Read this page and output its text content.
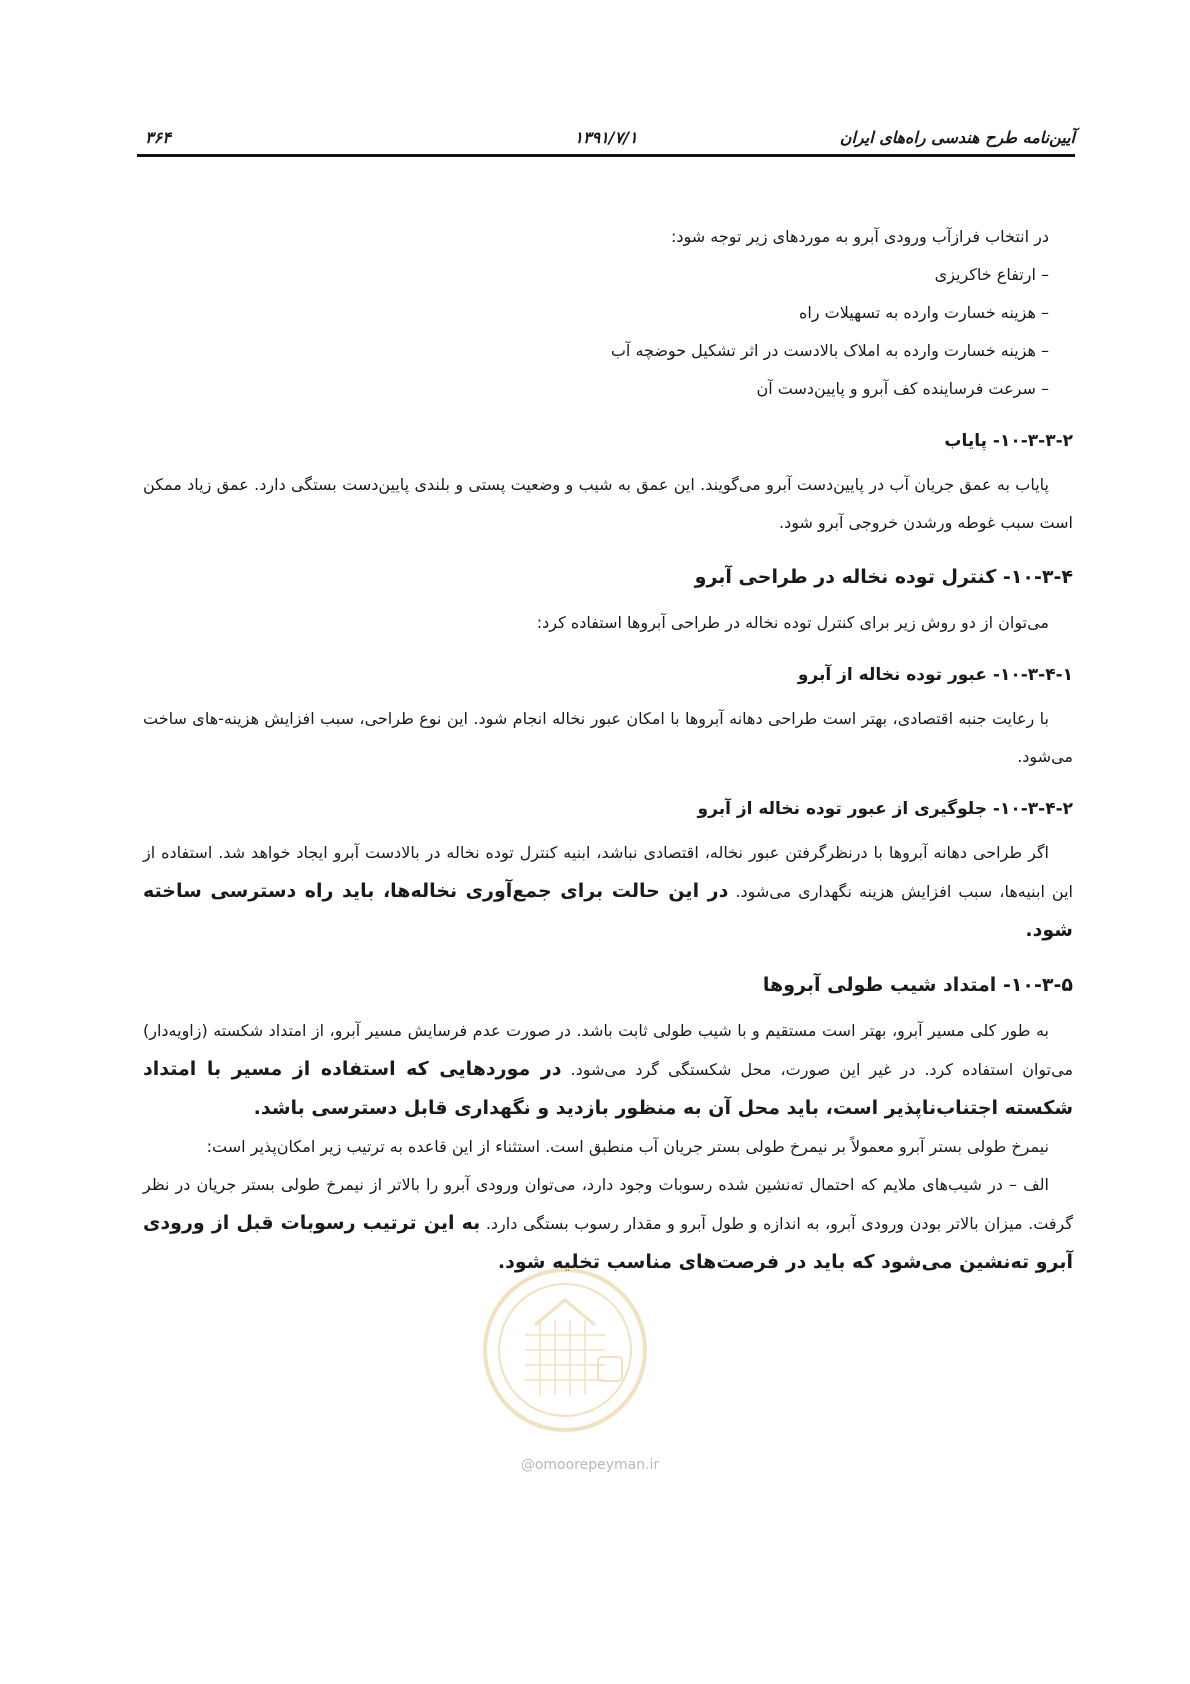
۳۶۴	۱۳۹۱/۷/۱	آیین‌نامه طرح هندسی راه‌های ایران

در انتخاب فرازآب ورودی آبرو به موردهای زیر توجه شود:

– ارتفاع خاکریزی
– هزینه خسارت وارده به تسهیلات راه
– هزینه خسارت وارده به املاک بالادست در اثر تشکیل حوضچه آب
– سرعت فرساینده کف آبرو و پایین‌دست آن
۱۰-۳-۳-۲- پایاب

پایاب به عمق جریان آب در پایین‌دست آبرو می‌گویند. این عمق به شیب و وضعیت پستی و بلندی پایین‌دست بستگی دارد. عمق زیاد ممکن است سبب غوطه ورشدن خروجی آبرو شود.

۱۰-۳-۴- کنترل توده نخاله در طراحی آبرو

می‌توان از دو روش زیر برای کنترل توده نخاله در طراحی آبروها استفاده کرد:

۱۰-۳-۴-۱- عبور توده نخاله از آبرو

با رعایت جنبه اقتصادی، بهتر است طراحی دهانه آبروها با امکان عبور نخاله انجام شود. این نوع طراحی، سبب افزایش هزینه-های ساخت می‌شود.

۱۰-۳-۴-۲- جلوگیری از عبور توده نخاله از آبرو

اگر طراحی دهانه آبروها با درنظرگرفتن عبور نخاله، اقتصادی نباشد، ابنیه کنترل توده نخاله در بالادست آبرو ایجاد خواهد شد. استفاده از این ابنیه‌ها، سبب افزایش هزینه نگهداری می‌شود. در این حالت برای جمع‌آوری نخاله‌ها، باید راه دسترسی ساخته شود.

۱۰-۳-۵- امتداد شیب طولی آبروها

به طور کلی مسیر آبرو، بهتر است مستقیم و با شیب طولی ثابت باشد. در صورت عدم فرسایش مسیر آبرو، از امتداد شکسته (زاویه‌دار) می‌توان استفاده کرد. در غیر این صورت، محل شکستگی گرد می‌شود. در موردهایی که استفاده از مسیر با امتداد شکسته اجتناب‌ناپذیر است، باید محل آن به منظور بازدید و نگهداری قابل دسترسی باشد.

نیمرخ طولی بستر آبرو معمولاً بر نیمرخ طولی بستر جریان آب منطبق است. استثناء از این قاعده به ترتیب زیر امکان‌پذیر است:

الف – در شیب‌های ملایم که احتمال ته‌نشین شده رسوبات وجود دارد، می‌توان ورودی آبرو را بالاتر از نیمرخ طولی بستر جریان در نظر گرفت. میزان بالاتر بودن ورودی آبرو، به اندازه و طول آبرو و مقدار رسوب بستگی دارد. به این ترتیب رسوبات قبل از ورودی آبرو ته‌نشین می‌شود که باید در فرصت‌های مناسب تخلیه شود.

@omoorepeyman.ir
